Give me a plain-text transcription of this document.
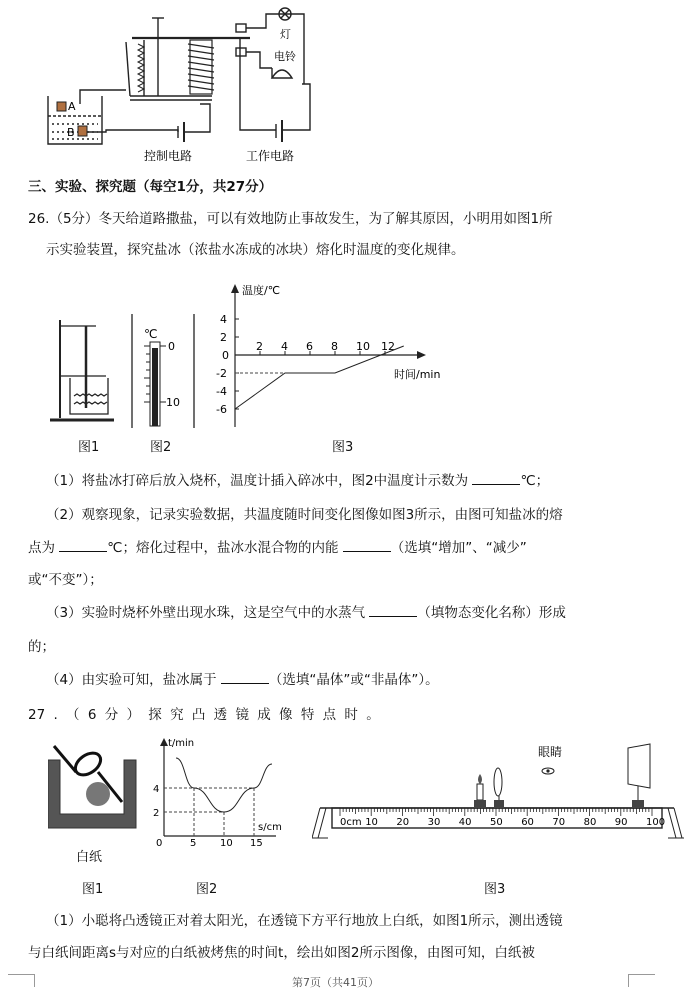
A
B
灯
电铃
控制电路	工作电路
三、实验、探究题（每空1分，共27分）
26.（5分）冬天给道路撒盐，可以有效地防止事故发生，为了解其原因，小明用如图1所
示实验装置，探究盐冰（浓盐水冻成的冰块）熔化时温度的变化规律。
图1
℃
0
10
图2
2 4 6 8 10 12
4
2
0
-2
-4
-6
温度/℃
时间/min
图3
（1）将盐冰打碎后放入烧杯，温度计插入碎冰中，图2中温度计示数为	℃；
（2）观察现象，记录实验数据，共温度随时间变化图像如图3所示，由图可知盐冰的熔
点为	℃；熔化过程中，盐冰水混合物的内能	（选填“增加”、“减少”
或“不变”）；
（3）实验时烧杯外壁出现水珠，这是空气中的水蒸气	（填物态变化名称）形成
的；
（4）由实验可知，盐冰属于	（选填“晶体”或“非晶体”）。
27 . （ 6 分 ） 探 究 凸 透 镜 成 像 特 点 时 。
白纸
图1
5 10 15
2
4
t/min
s/cm
0
图2
0cm 10 20 30 40 50 60 70 80 90 100
眼睛
图3
（1）小聪将凸透镜正对着太阳光，在透镜下方平行地放上白纸，如图1所示，测出透镜
与白纸间距离s与对应的白纸被烤焦的时间t，绘出如图2所示图像，由图可知，白纸被
第7页（共41页）
